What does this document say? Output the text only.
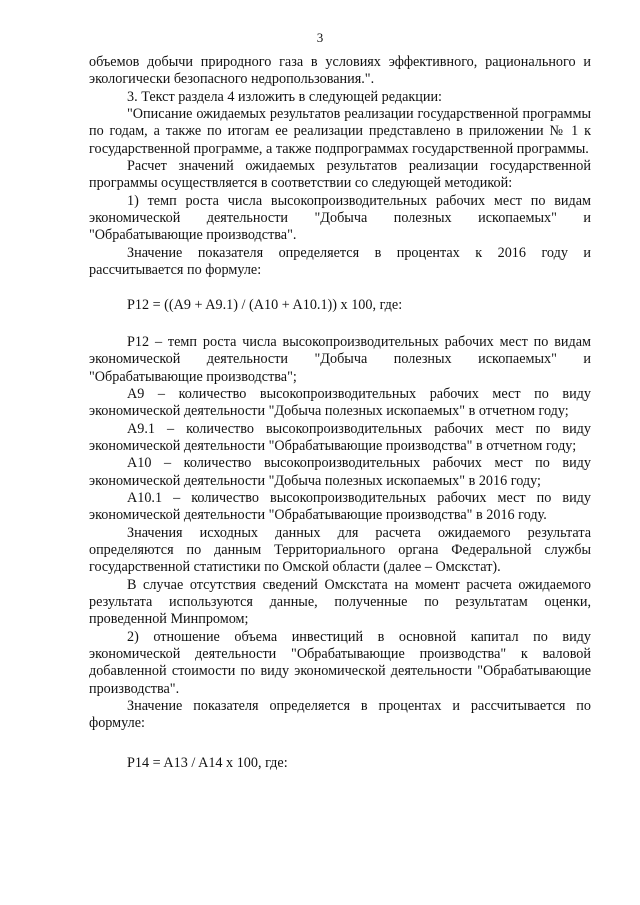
3

объемов добычи природного газа в условиях эффективного, рационального и экологически безопасного недропользования.".

3. Текст раздела 4 изложить в следующей редакции:

"Описание ожидаемых результатов реализации государственной программы по годам, а также по итогам ее реализации представлено в приложении № 1 к государственной программе, а также подпрограммах государственной программы.

Расчет значений ожидаемых результатов реализации государственной программы осуществляется в соответствии со следующей методикой:

1) темп роста числа высокопроизводительных рабочих мест по видам экономической деятельности "Добыча полезных ископаемых" и "Обрабатывающие производства".

Значение показателя определяется в процентах к 2016 году и рассчитывается по формуле:

P12 = ((A9 + A9.1) / (A10 + A10.1)) x 100, где:

P12 – темп роста числа высокопроизводительных рабочих мест по видам экономической деятельности "Добыча полезных ископаемых" и "Обрабатывающие производства";

A9 – количество высокопроизводительных рабочих мест по виду экономической деятельности "Добыча полезных ископаемых" в отчетном году;

A9.1 – количество высокопроизводительных рабочих мест по виду экономической деятельности "Обрабатывающие производства" в отчетном году;

A10 – количество высокопроизводительных рабочих мест по виду экономической деятельности "Добыча полезных ископаемых" в 2016 году;

A10.1 – количество высокопроизводительных рабочих мест по виду экономической деятельности "Обрабатывающие производства" в 2016 году.

Значения исходных данных для расчета ожидаемого результата определяются по данным Территориального органа Федеральной службы государственной статистики по Омской области (далее – Омскстат).

В случае отсутствия сведений Омскстата на момент расчета ожидаемого результата используются данные, полученные по результатам оценки, проведенной Минпромом;

2) отношение объема инвестиций в основной капитал по виду экономической деятельности "Обрабатывающие производства" к валовой добавленной стоимости по виду экономической деятельности "Обрабатывающие производства".

Значение показателя определяется в процентах и рассчитывается по формуле:

P14 = A13 / A14 x 100, где:
